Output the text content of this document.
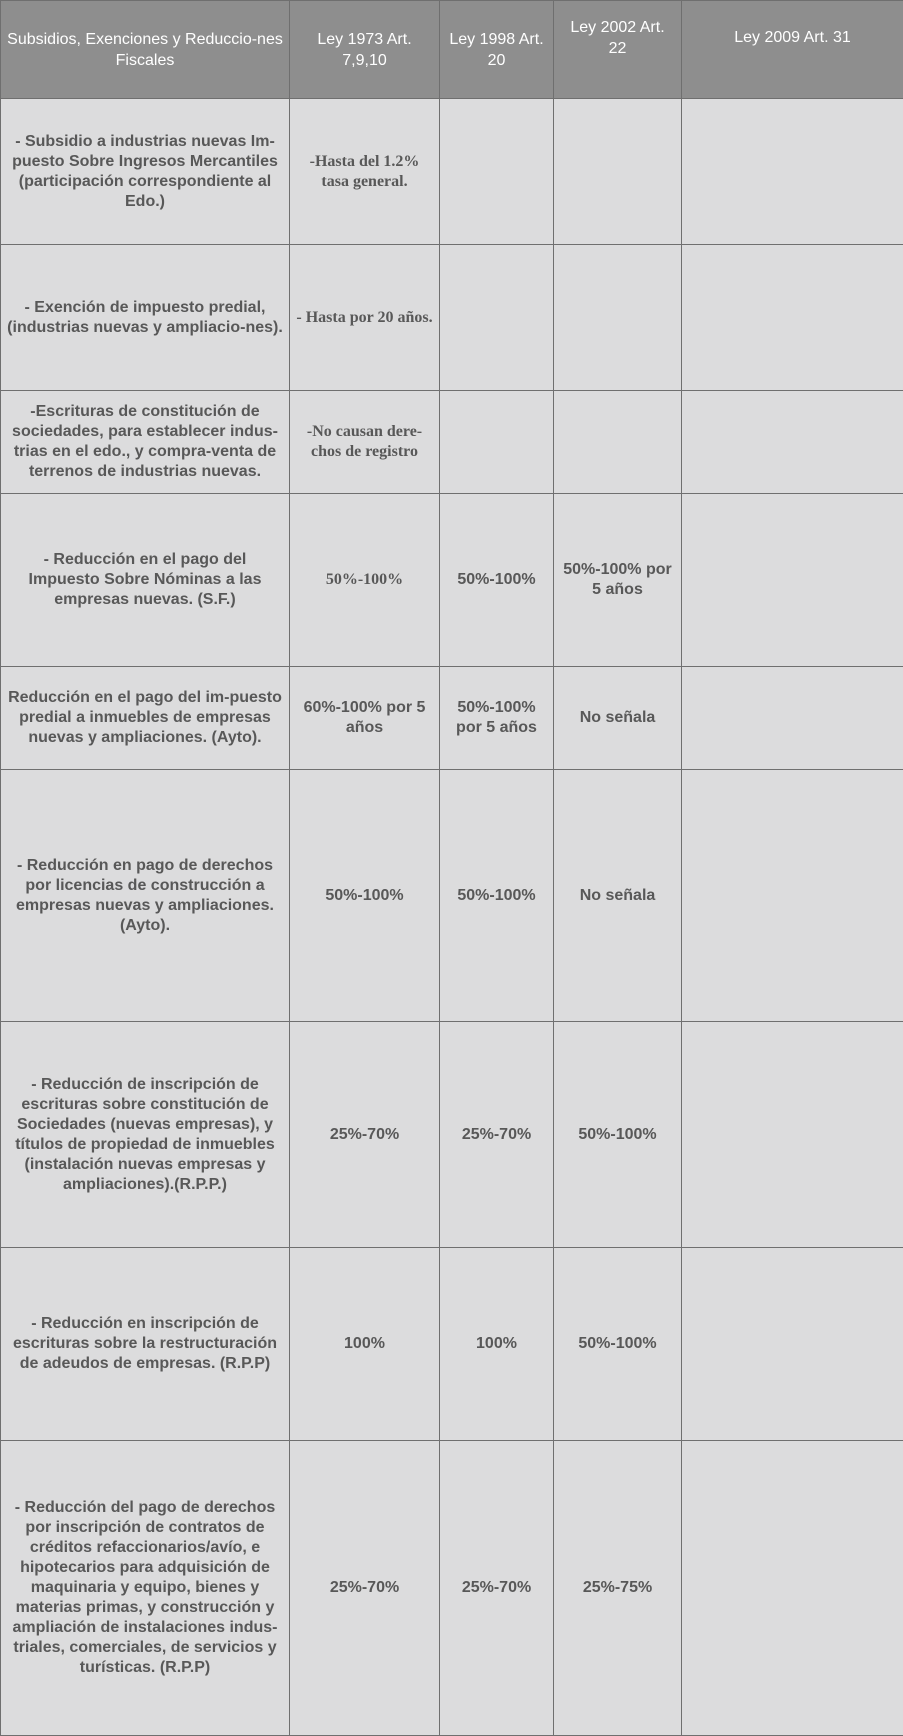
Subsidios, Exenciones y Reduccio-nes Fiscales	Ley 1973 Art. 7,9,10	Ley 1998 Art. 20	Ley 2002 Art. 22	Ley 2009 Art. 31
- Subsidio a industrias nuevas Im-puesto Sobre Ingresos Mercantiles (participación correspondiente al Edo.)	-Hasta del 1.2% tasa general.			
- Exención de impuesto predial, (industrias nuevas y ampliacio-nes).	- Hasta por 20 años.			
-Escrituras de constitución de sociedades, para establecer indus-trias en el edo., y compra-venta de terrenos de industrias nuevas.	-No causan dere-chos de registro			
- Reducción en el pago del Impuesto Sobre Nóminas a las empresas nuevas. (S.F.)	50%-100%	50%-100%	50%-100% por 5 años	
Reducción en el pago del im-puesto predial a inmuebles de empresas nuevas y ampliaciones. (Ayto).	60%-100% por 5 años	50%-100% por 5 años	No señala	
- Reducción en pago de derechos por licencias de construcción a empresas nuevas y ampliaciones. (Ayto).	50%-100%	50%-100%	No señala	
- Reducción de inscripción de escrituras sobre constitución de Sociedades (nuevas empresas), y títulos de propiedad de inmuebles (instalación nuevas empresas y ampliaciones).(R.P.P.)	25%-70%	25%-70%	50%-100%	
- Reducción en inscripción de escrituras sobre la restructuración de adeudos de empresas. (R.P.P)	100%	100%	50%-100%	
- Reducción del pago de derechos por inscripción de contratos de créditos refaccionarios/avío, e hipotecarios para adquisición de maquinaria y equipo, bienes y materias primas, y construcción y ampliación de instalaciones indus-triales, comerciales, de servicios y turísticas. (R.P.P)	25%-70%	25%-70%	25%-75%	
